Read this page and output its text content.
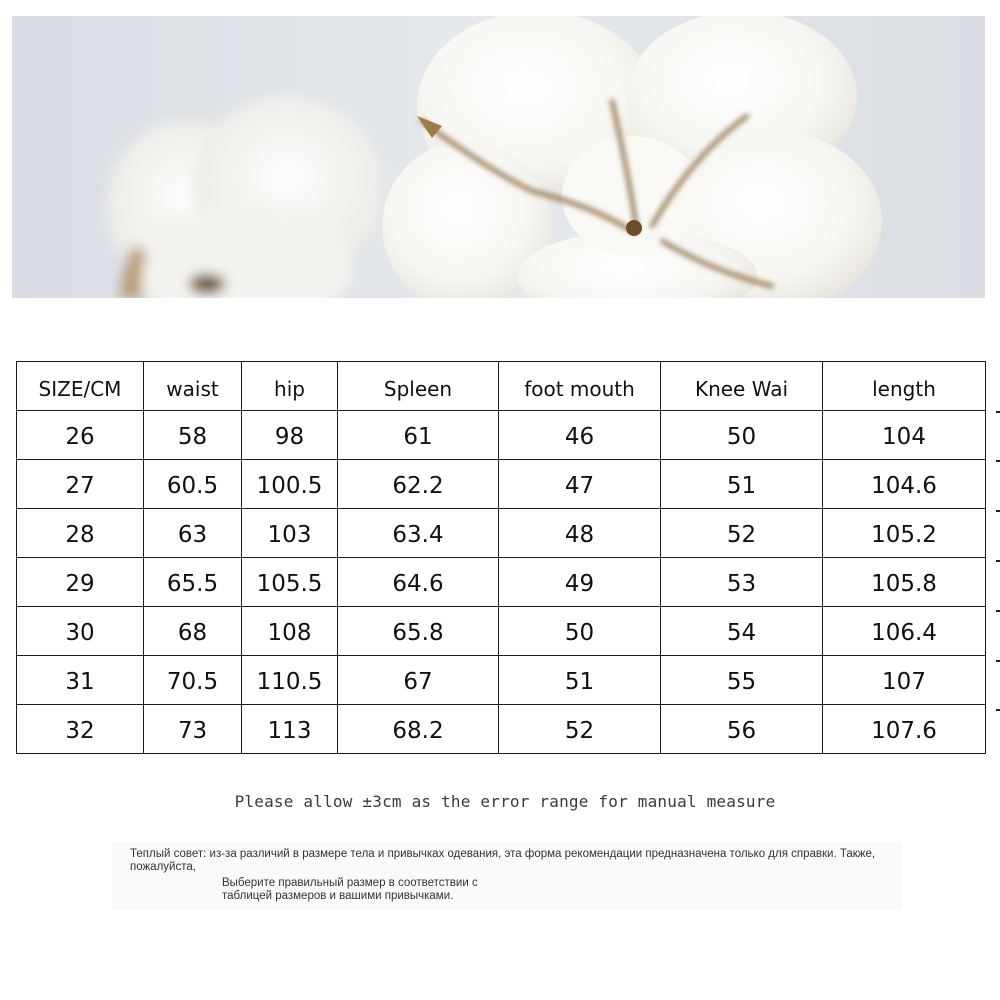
SIZE/CM	waist	hip	Spleen	foot mouth	Knee Wai	length
26	58	98	61	46	50	104
27	60.5	100.5	62.2	47	51	104.6
28	63	103	63.4	48	52	105.2
29	65.5	105.5	64.6	49	53	105.8
30	68	108	65.8	50	54	106.4
31	70.5	110.5	67	51	55	107
32	73	113	68.2	52	56	107.6
Please allow ±3cm as the error range for manual measure
Теплый совет: из-за различий в размере тела и привычках одевания, эта форма рекомендации предназначена только для справки. Также, пожалуйста,
Выберите правильный размер в соответствии с
таблицей размеров и вашими привычками.
